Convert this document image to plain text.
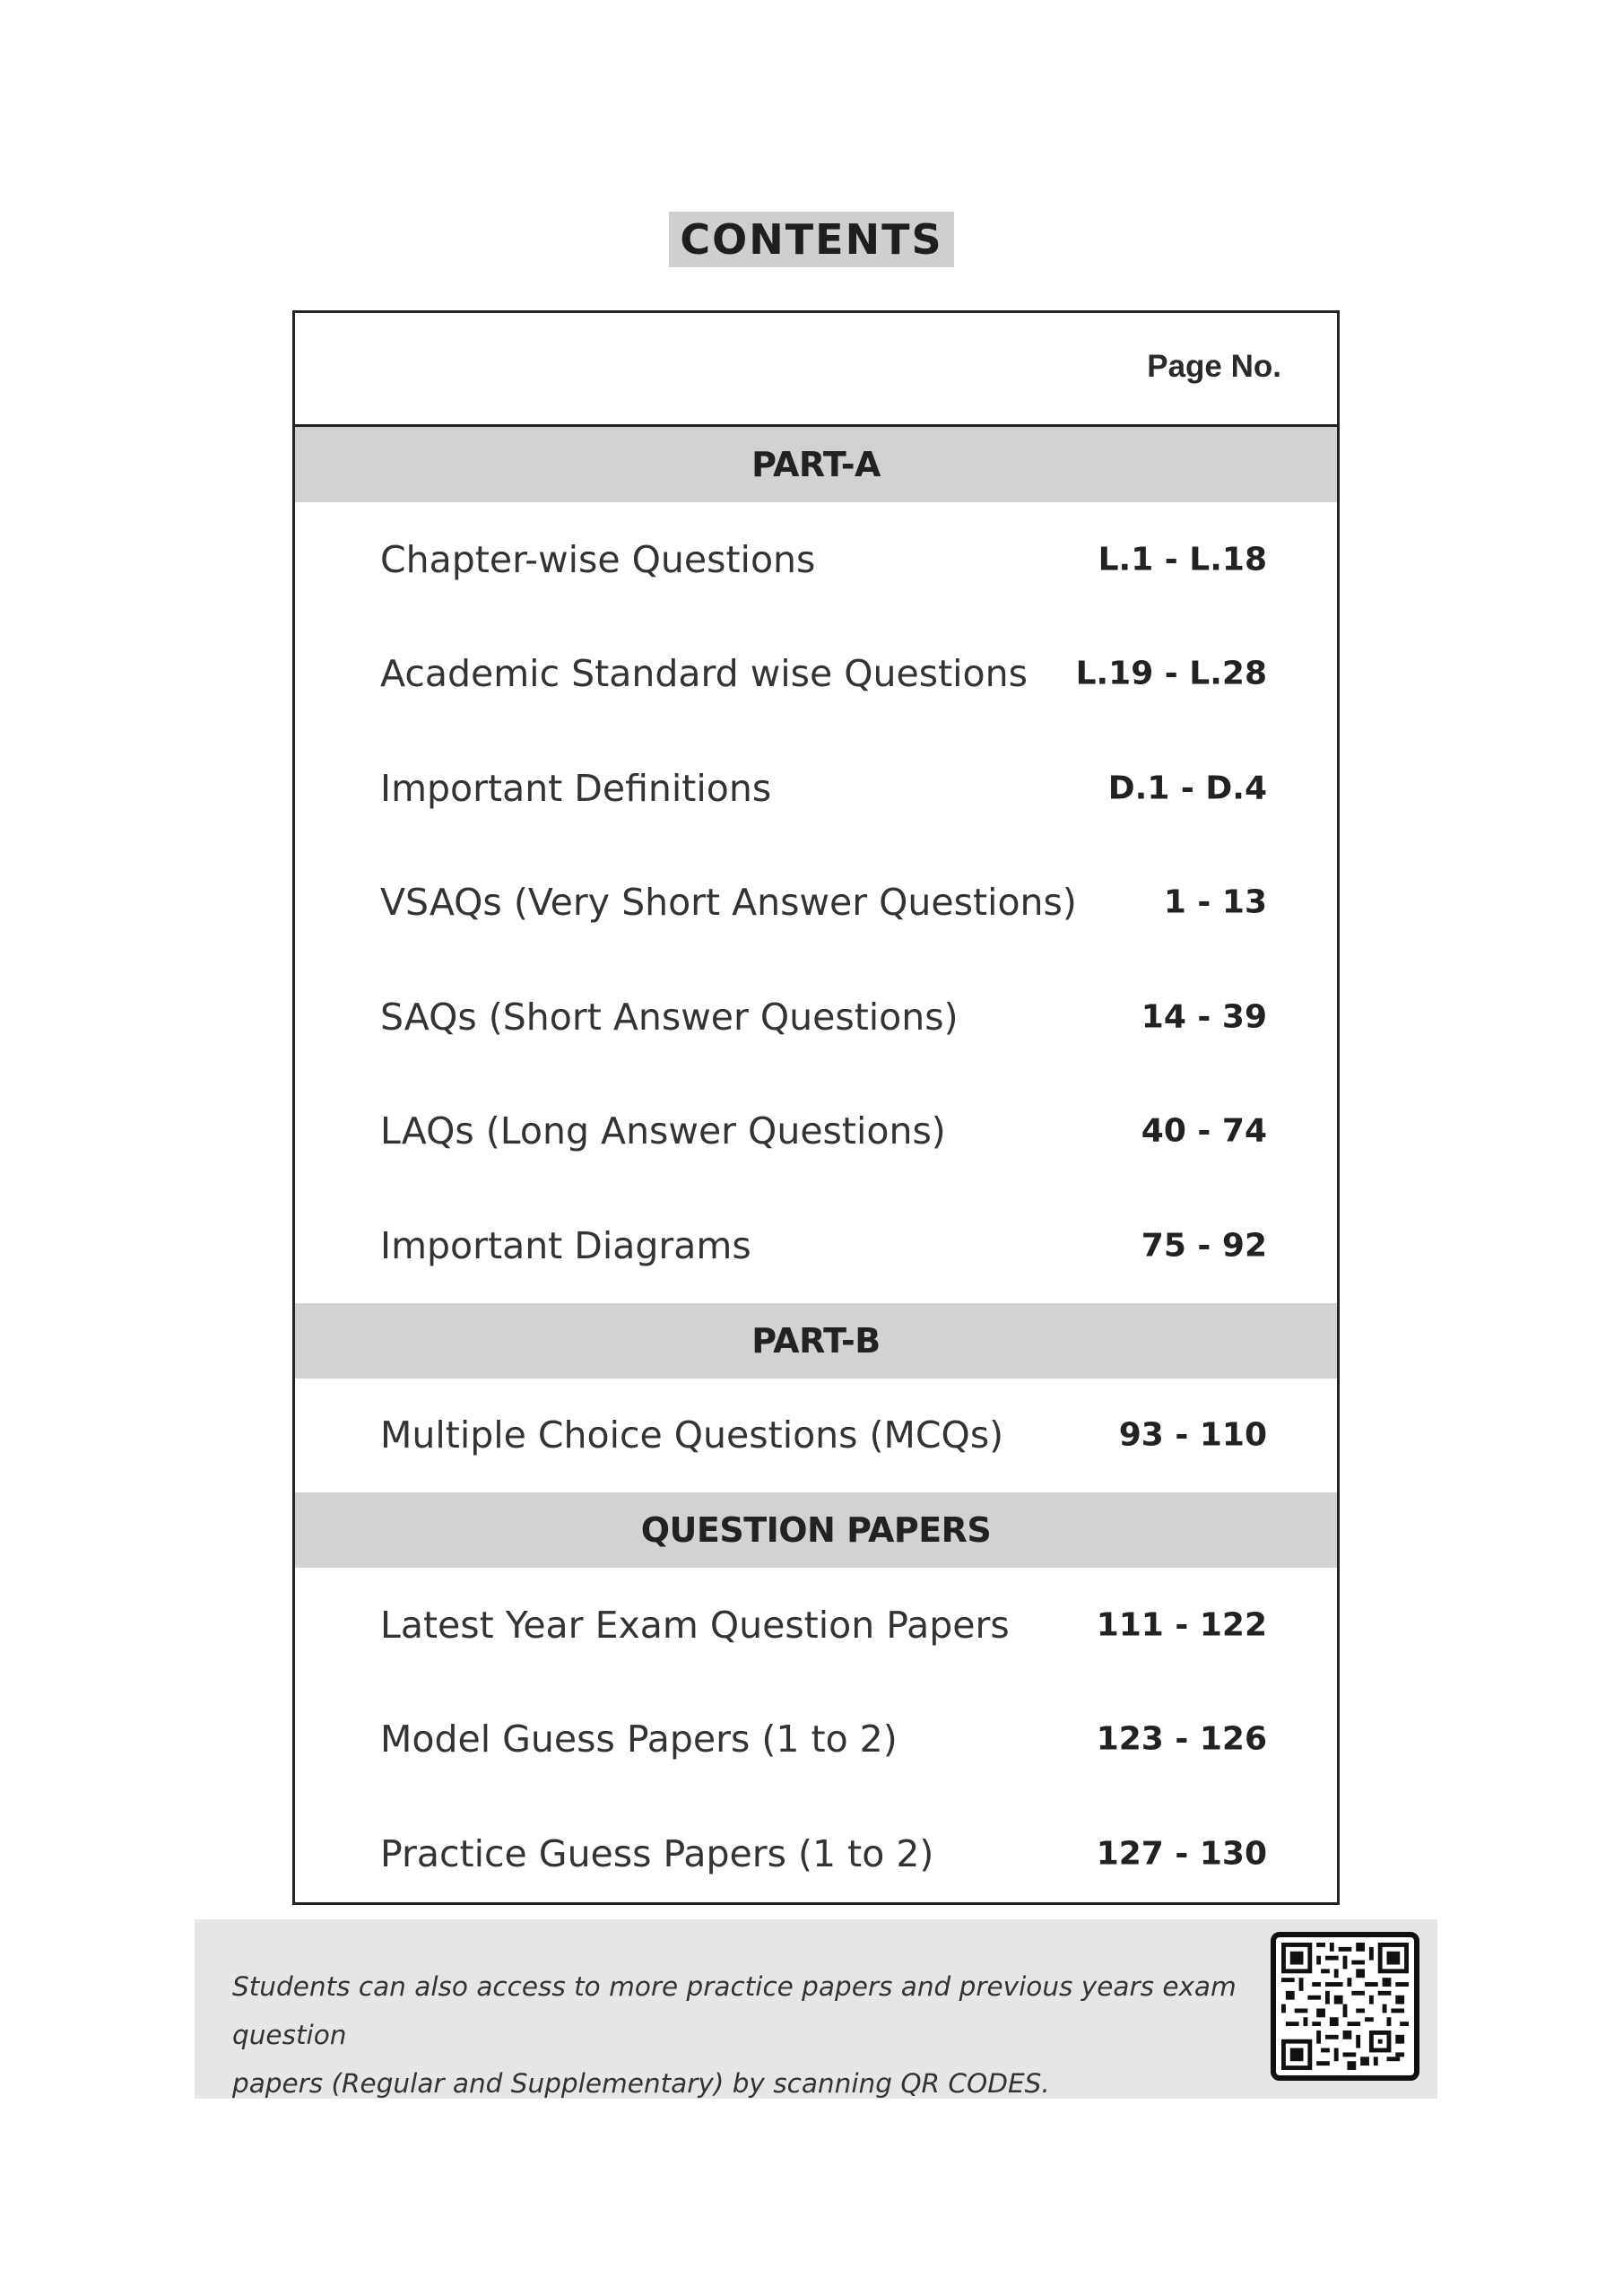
CONTENTS
Page No.
PART-A
Chapter-wise Questions	L.1 - L.18
Academic Standard wise Questions L.19 - L.28
Important Definitions	D.1 - D.4
VSAQs (Very Short Answer Questions)	1 - 13
SAQs (Short Answer Questions)	14 - 39
LAQs (Long Answer Questions)	40 - 74
Important Diagrams	75 - 92
PART-B
Multiple Choice Questions (MCQs)	93 - 110
QUESTION PAPERS
Latest Year Exam Question Papers	111 - 122
Model Guess Papers (1 to 2)	123 - 126
Practice Guess Papers (1 to 2)	127 - 130
Students can also access to more practice papers and previous years exam question
papers (Regular and Supplementary) by scanning QR CODES.
